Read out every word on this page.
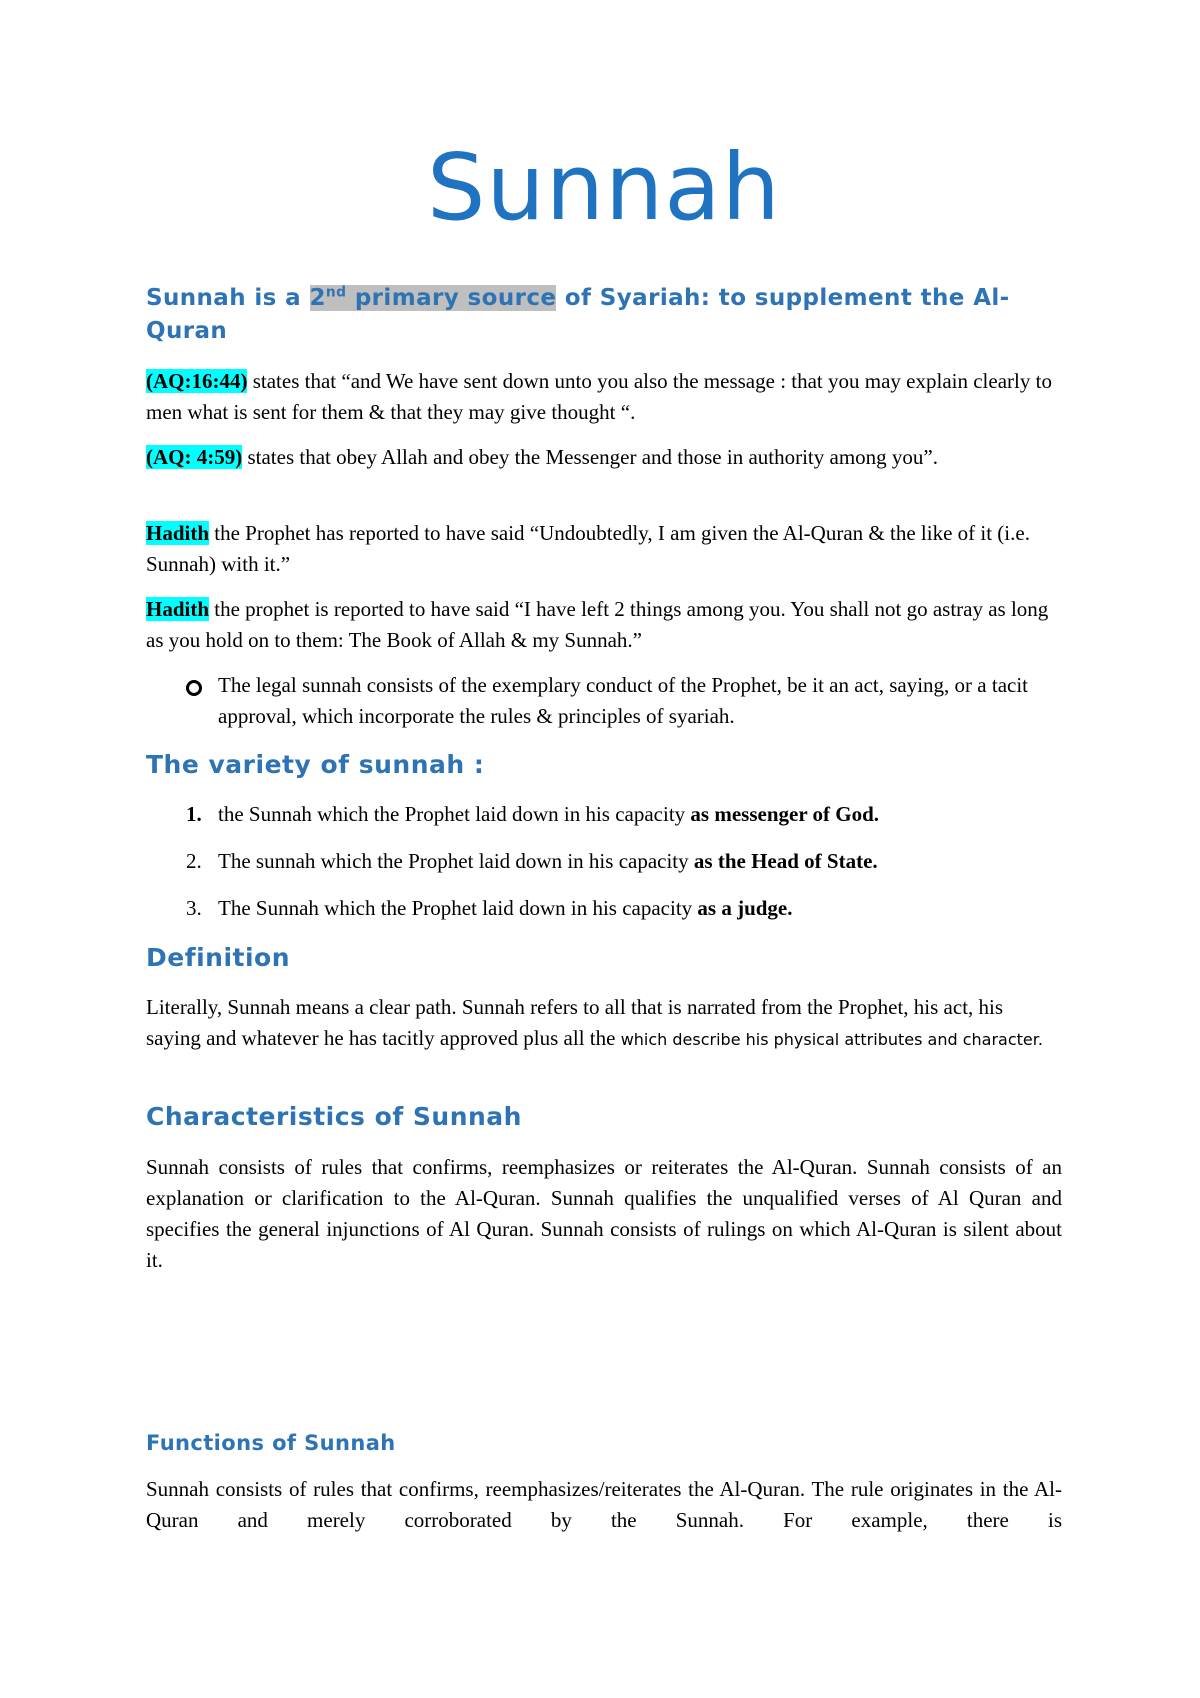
Sunnah
Sunnah is a 2nd primary source of Syariah: to supplement the Al-Quran
(AQ:16:44) states that “and We have sent down unto you also the message : that you may explain clearly to men what is sent for them & that they may give thought “.
(AQ: 4:59) states that obey Allah and obey the Messenger and those in authority among you”.
Hadith the Prophet has reported to have said “Undoubtedly, I am given the Al-Quran & the like of it (i.e. Sunnah) with it.”
Hadith the prophet is reported to have said “I have left 2 things among you. You shall not go astray as long as you hold on to them: The Book of Allah & my Sunnah.”
The legal sunnah consists of the exemplary conduct of the Prophet, be it an act, saying, or a tacit approval, which incorporate the rules & principles of syariah.
The variety of sunnah :
1. the Sunnah which the Prophet laid down in his capacity as messenger of God.
2. The sunnah which the Prophet laid down in his capacity as the Head of State.
3. The Sunnah which the Prophet laid down in his capacity as a judge.
Definition
Literally, Sunnah means a clear path. Sunnah refers to all that is narrated from the Prophet, his act, his saying and whatever he has tacitly approved plus all the which describe his physical attributes and character.
Characteristics of Sunnah
Sunnah consists of rules that confirms, reemphasizes or reiterates the Al-Quran. Sunnah consists of an explanation or clarification to the Al-Quran. Sunnah qualifies the unqualified verses of Al Quran and specifies the general injunctions of Al Quran. Sunnah consists of rulings on which Al-Quran is silent about it.
Functions of Sunnah
Sunnah consists of rules that confirms, reemphasizes/reiterates the Al-Quran. The rule originates in the Al-Quran and merely corroborated by the Sunnah. For example, there is
